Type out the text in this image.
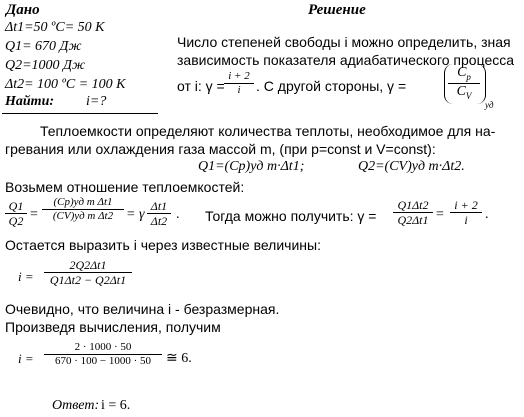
Дано
Δt1=50 ºC= 50 К
Q1= 670 Дж
Q2=1000 Дж
Δt2= 100 ºC = 100 К
Найти: i=?
Решение
Число степеней свободы i можно определить, зная
зависимость показателя адиабатического процесса
от i: γ =
i + 2
i . С другой стороны, γ =
$C_p$
$C_V$
уд
Теплоемкости определяют количества теплоты, необходимое для на-
гревания или охлаждения газа массой m, (при p=const и V=const):
Q1=(Cp)уд m·Δt1;	Q2=(CV)уд m·Δt2.
Возьмем отношение теплоемкостей:
Q1
Q2 =
(Cp)уд m Δt1
(CV)уд m Δt2 = γ
Δt1
Δt2 . Тогда можно получить: γ =
Q1Δt2
Q2Δt1 =
i + 2
i .
Остается выразить i через известные величины:
i =
2Q2Δt1
Q1Δt2 − Q2Δt1
Очевидно, что величина i - безразмерная.
Произведя вычисления, получим
i =
2 · 1000 · 50
670 · 100 − 1000 · 50 ≅ 6.
Ответ: i = 6.
